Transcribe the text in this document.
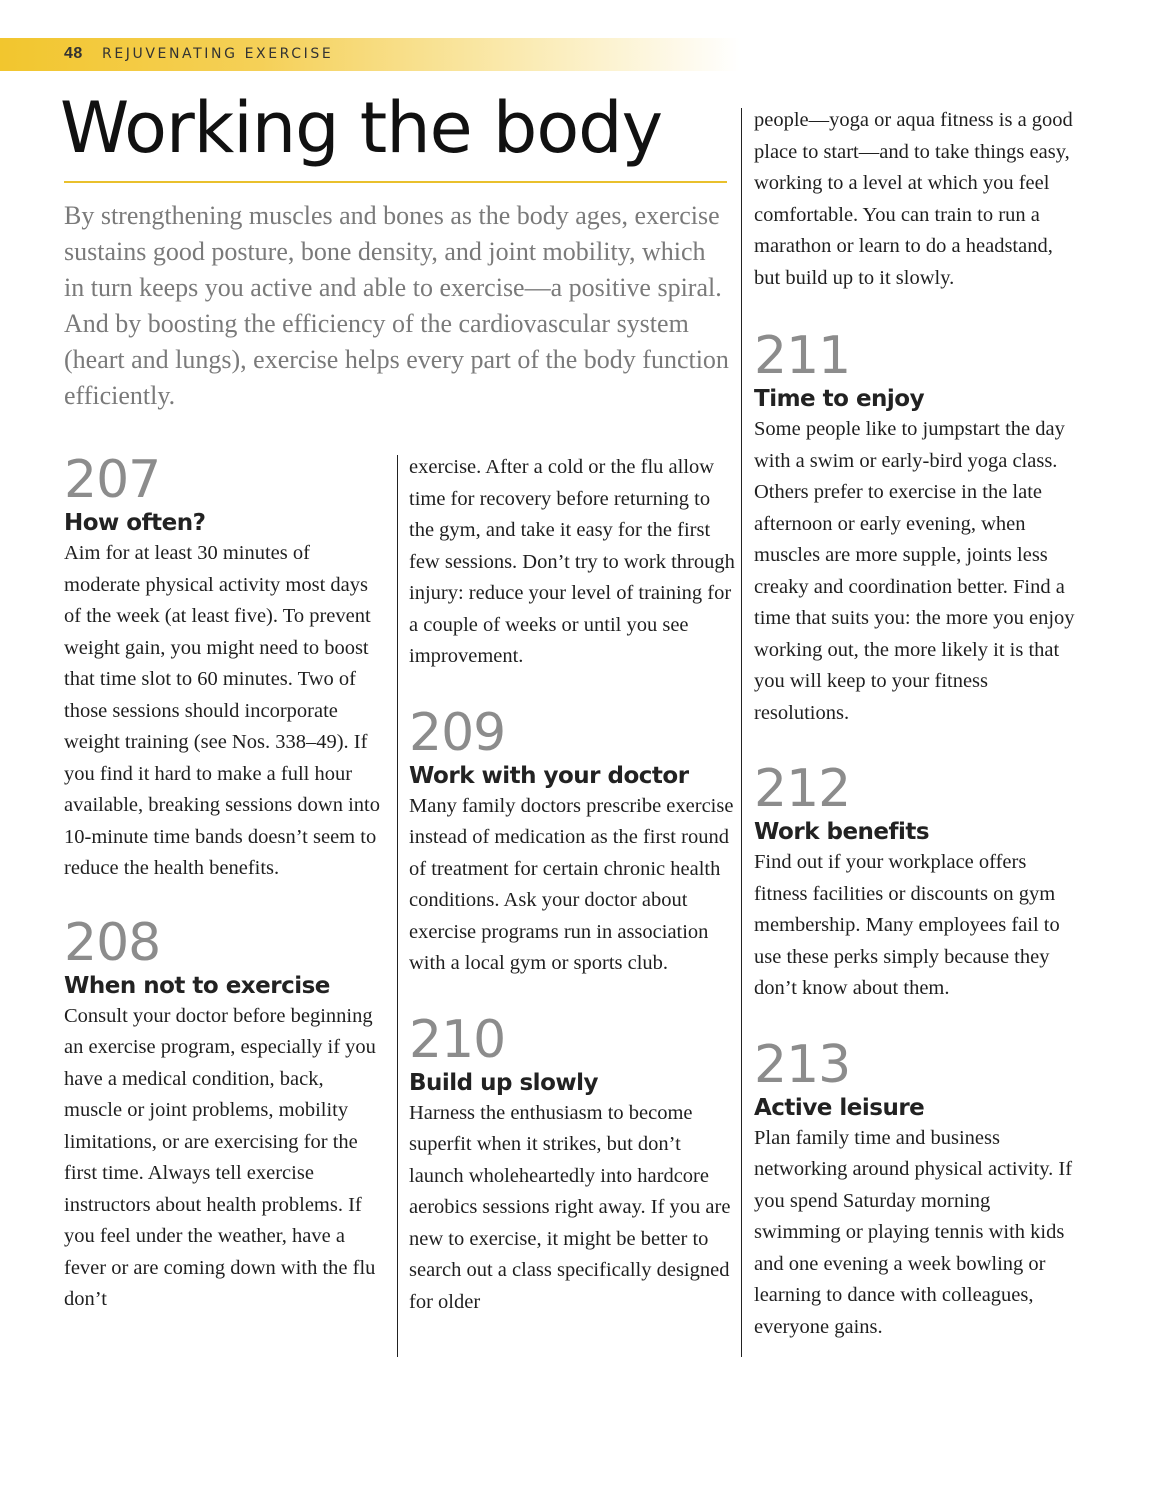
48 REJUVENATING EXERCISE
Working the body

By strengthening muscles and bones as the body ages, exercise sustains good posture, bone density, and joint mobility, which in turn keeps you active and able to exercise—a positive spiral. And by boosting the efficiency of the cardiovascular system (heart and lungs), exercise helps every part of the body function efficiently.

207
How often?
Aim for at least 30 minutes of moderate physical activity most days of the week (at least five). To prevent weight gain, you might need to boost that time slot to 60 minutes. Two of those sessions should incorporate weight training (see Nos. 338–49). If you find it hard to make a full hour available, breaking sessions down into 10-minute time bands doesn’t seem to reduce the health benefits.
208
When not to exercise
Consult your doctor before beginning an exercise program, especially if you have a medical condition, back, muscle or joint problems, mobility limitations, or are exercising for the first time. Always tell exercise instructors about health problems. If you feel under the weather, have a fever or are coming down with the flu don’t
exercise. After a cold or the flu allow time for recovery before returning to the gym, and take it easy for the first few sessions. Don’t try to work through injury: reduce your level of training for a couple of weeks or until you see improvement.
209
Work with your doctor
Many family doctors prescribe exercise instead of medication as the first round of treatment for certain chronic health conditions. Ask your doctor about exercise programs run in association with a local gym or sports club.
210
Build up slowly
Harness the enthusiasm to become superfit when it strikes, but don’t launch wholeheartedly into hardcore aerobics sessions right away. If you are new to exercise, it might be better to search out a class specifically designed for older
people—yoga or aqua fitness is a good place to start—and to take things easy, working to a level at which you feel comfortable. You can train to run a marathon or learn to do a headstand, but build up to it slowly.
211
Time to enjoy
Some people like to jumpstart the day with a swim or early-bird yoga class. Others prefer to exercise in the late afternoon or early evening, when muscles are more supple, joints less creaky and coordination better. Find a time that suits you: the more you enjoy working out, the more likely it is that you will keep to your fitness resolutions.
212
Work benefits
Find out if your workplace offers fitness facilities or discounts on gym membership. Many employees fail to use these perks simply because they don’t know about them.
213
Active leisure
Plan family time and business networking around physical activity. If you spend Saturday morning swimming or playing tennis with kids and one evening a week bowling or learning to dance with colleagues, everyone gains.
